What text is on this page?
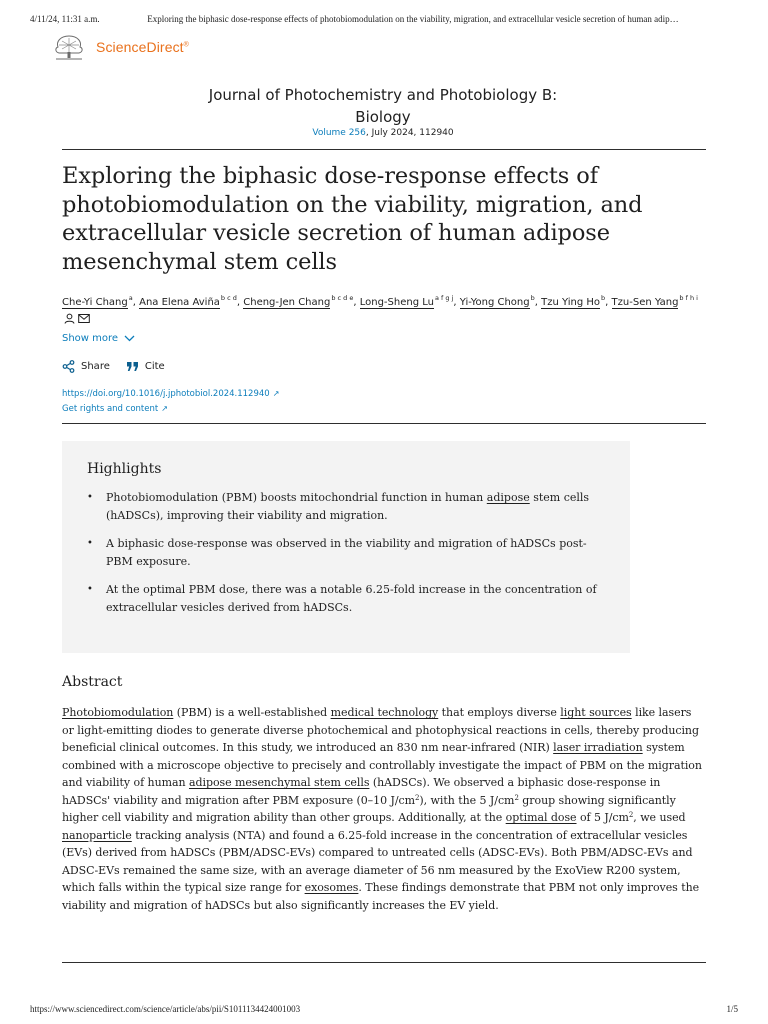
4/11/24, 11:31 a.m.	Exploring the biphasic dose-response effects of photobiomodulation on the viability, migration, and extracellular vesicle secretion of human adip…
ScienceDirect®
Journal of Photochemistry and Photobiology B:
Biology
Volume 256, July 2024, 112940
Exploring the biphasic dose-response effects of photobiomodulation on the viability, migration, and extracellular vesicle secretion of human adipose mesenchymal stem cells
Che-Yi Chang$^a$, Ana Elena Aviña$^{b c d}$, Cheng-Jen Chang$^{b c d e}$, Long-Sheng $Lu^{a f g j}$, Yi-Yong Chong$^b$, Tzu Ying Ho$^b$, Tzu-Sen Yang$^{b f h i}$
Show more
Share	Cite
https://doi.org/10.1016/j.jphotobiol.2024.112940 ↗
Get rights and content ↗
Highlights
• Photobiomodulation (PBM) boosts mitochondrial function in human adipose stem cells (hADSCs), improving their viability and migration.
• A biphasic dose-response was observed in the viability and migration of hADSCs post-PBM exposure.
• At the optimal PBM dose, there was a notable 6.25-fold increase in the concentration of extracellular vesicles derived from hADSCs.
Abstract

Photobiomodulation (PBM) is a well-established medical technology that employs diverse light sources like lasers or light-emitting diodes to generate diverse photochemical and photophysical reactions in cells, thereby producing beneficial clinical outcomes. In this study, we introduced an 830 nm near-infrared (NIR) laser irradiation system combined with a microscope objective to precisely and controllably investigate the impact of PBM on the migration and viability of human adipose mesenchymal stem cells (hADSCs). We observed a biphasic dose-response in hADSCs' viability and migration after PBM exposure (0–10 $J/cm^2$), with the 5 $J/cm^2$ group showing significantly higher cell viability and migration ability than other groups. Additionally, at the optimal dose of 5 $J/cm^2$, we used nanoparticle tracking analysis (NTA) and found a 6.25-fold increase in the concentration of extracellular vesicles (EVs) derived from hADSCs (PBM/ADSC-EVs) compared to untreated cells (ADSC-EVs). Both PBM/ADSC-EVs and ADSC-EVs remained the same size, with an average diameter of 56 nm measured by the ExoView R200 system, which falls within the typical size range for exosomes. These findings demonstrate that PBM not only improves the viability and migration of hADSCs but also significantly increases the EV yield.

https://www.sciencedirect.com/science/article/abs/pii/S1011134424001003	1/5
